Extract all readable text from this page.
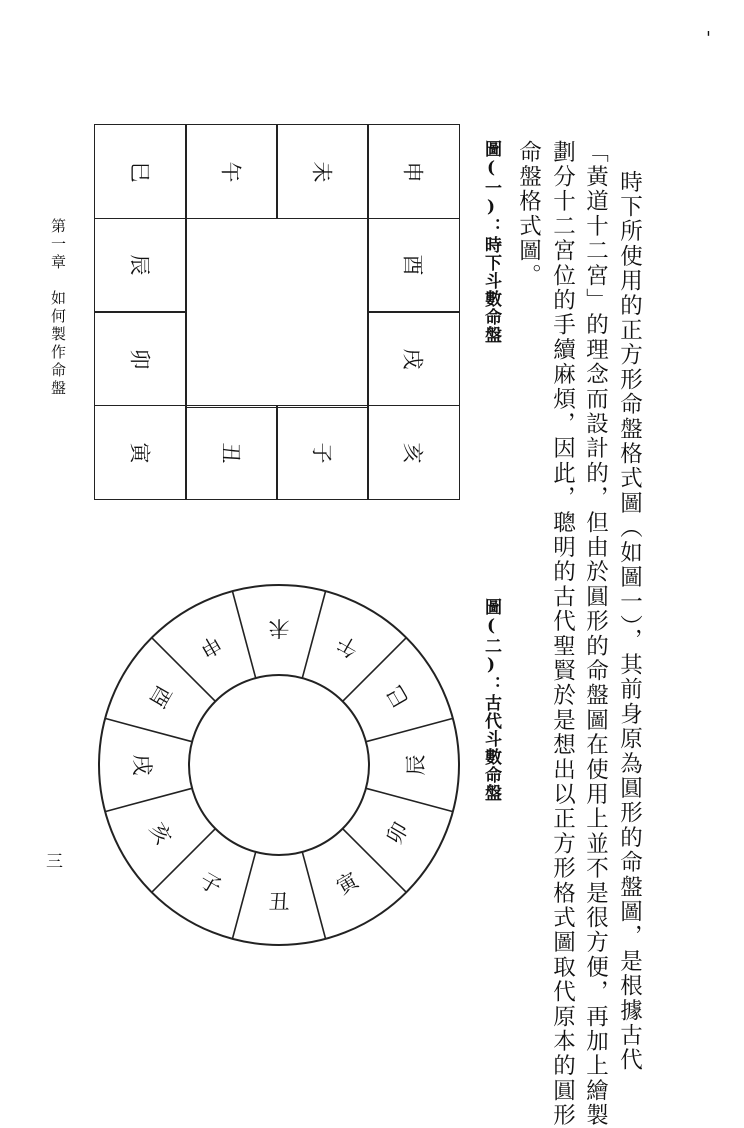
'
時下所使用的正方形命盤格式圖（如圖一），其前身原為圓形的命盤圖，是根據古代
「黃道十二宮」的理念而設計的，但由於圓形的命盤圖在使用上並不是很方便，再加上繪製
劃分十二宮位的手續麻煩，因此，聰明的古代聖賢於是想出以正方形格式圖取代原本的圓形
命盤格式圖。
圖(一)：時下斗數命盤
圖(二)：古代斗數命盤
第一章　如何製作命盤
三
巳	午	未	申
辰	酉
卯	戌
寅	丑	子	亥
子
丑
寅
卯
辰
巳
午
未
申
酉
戌
亥
